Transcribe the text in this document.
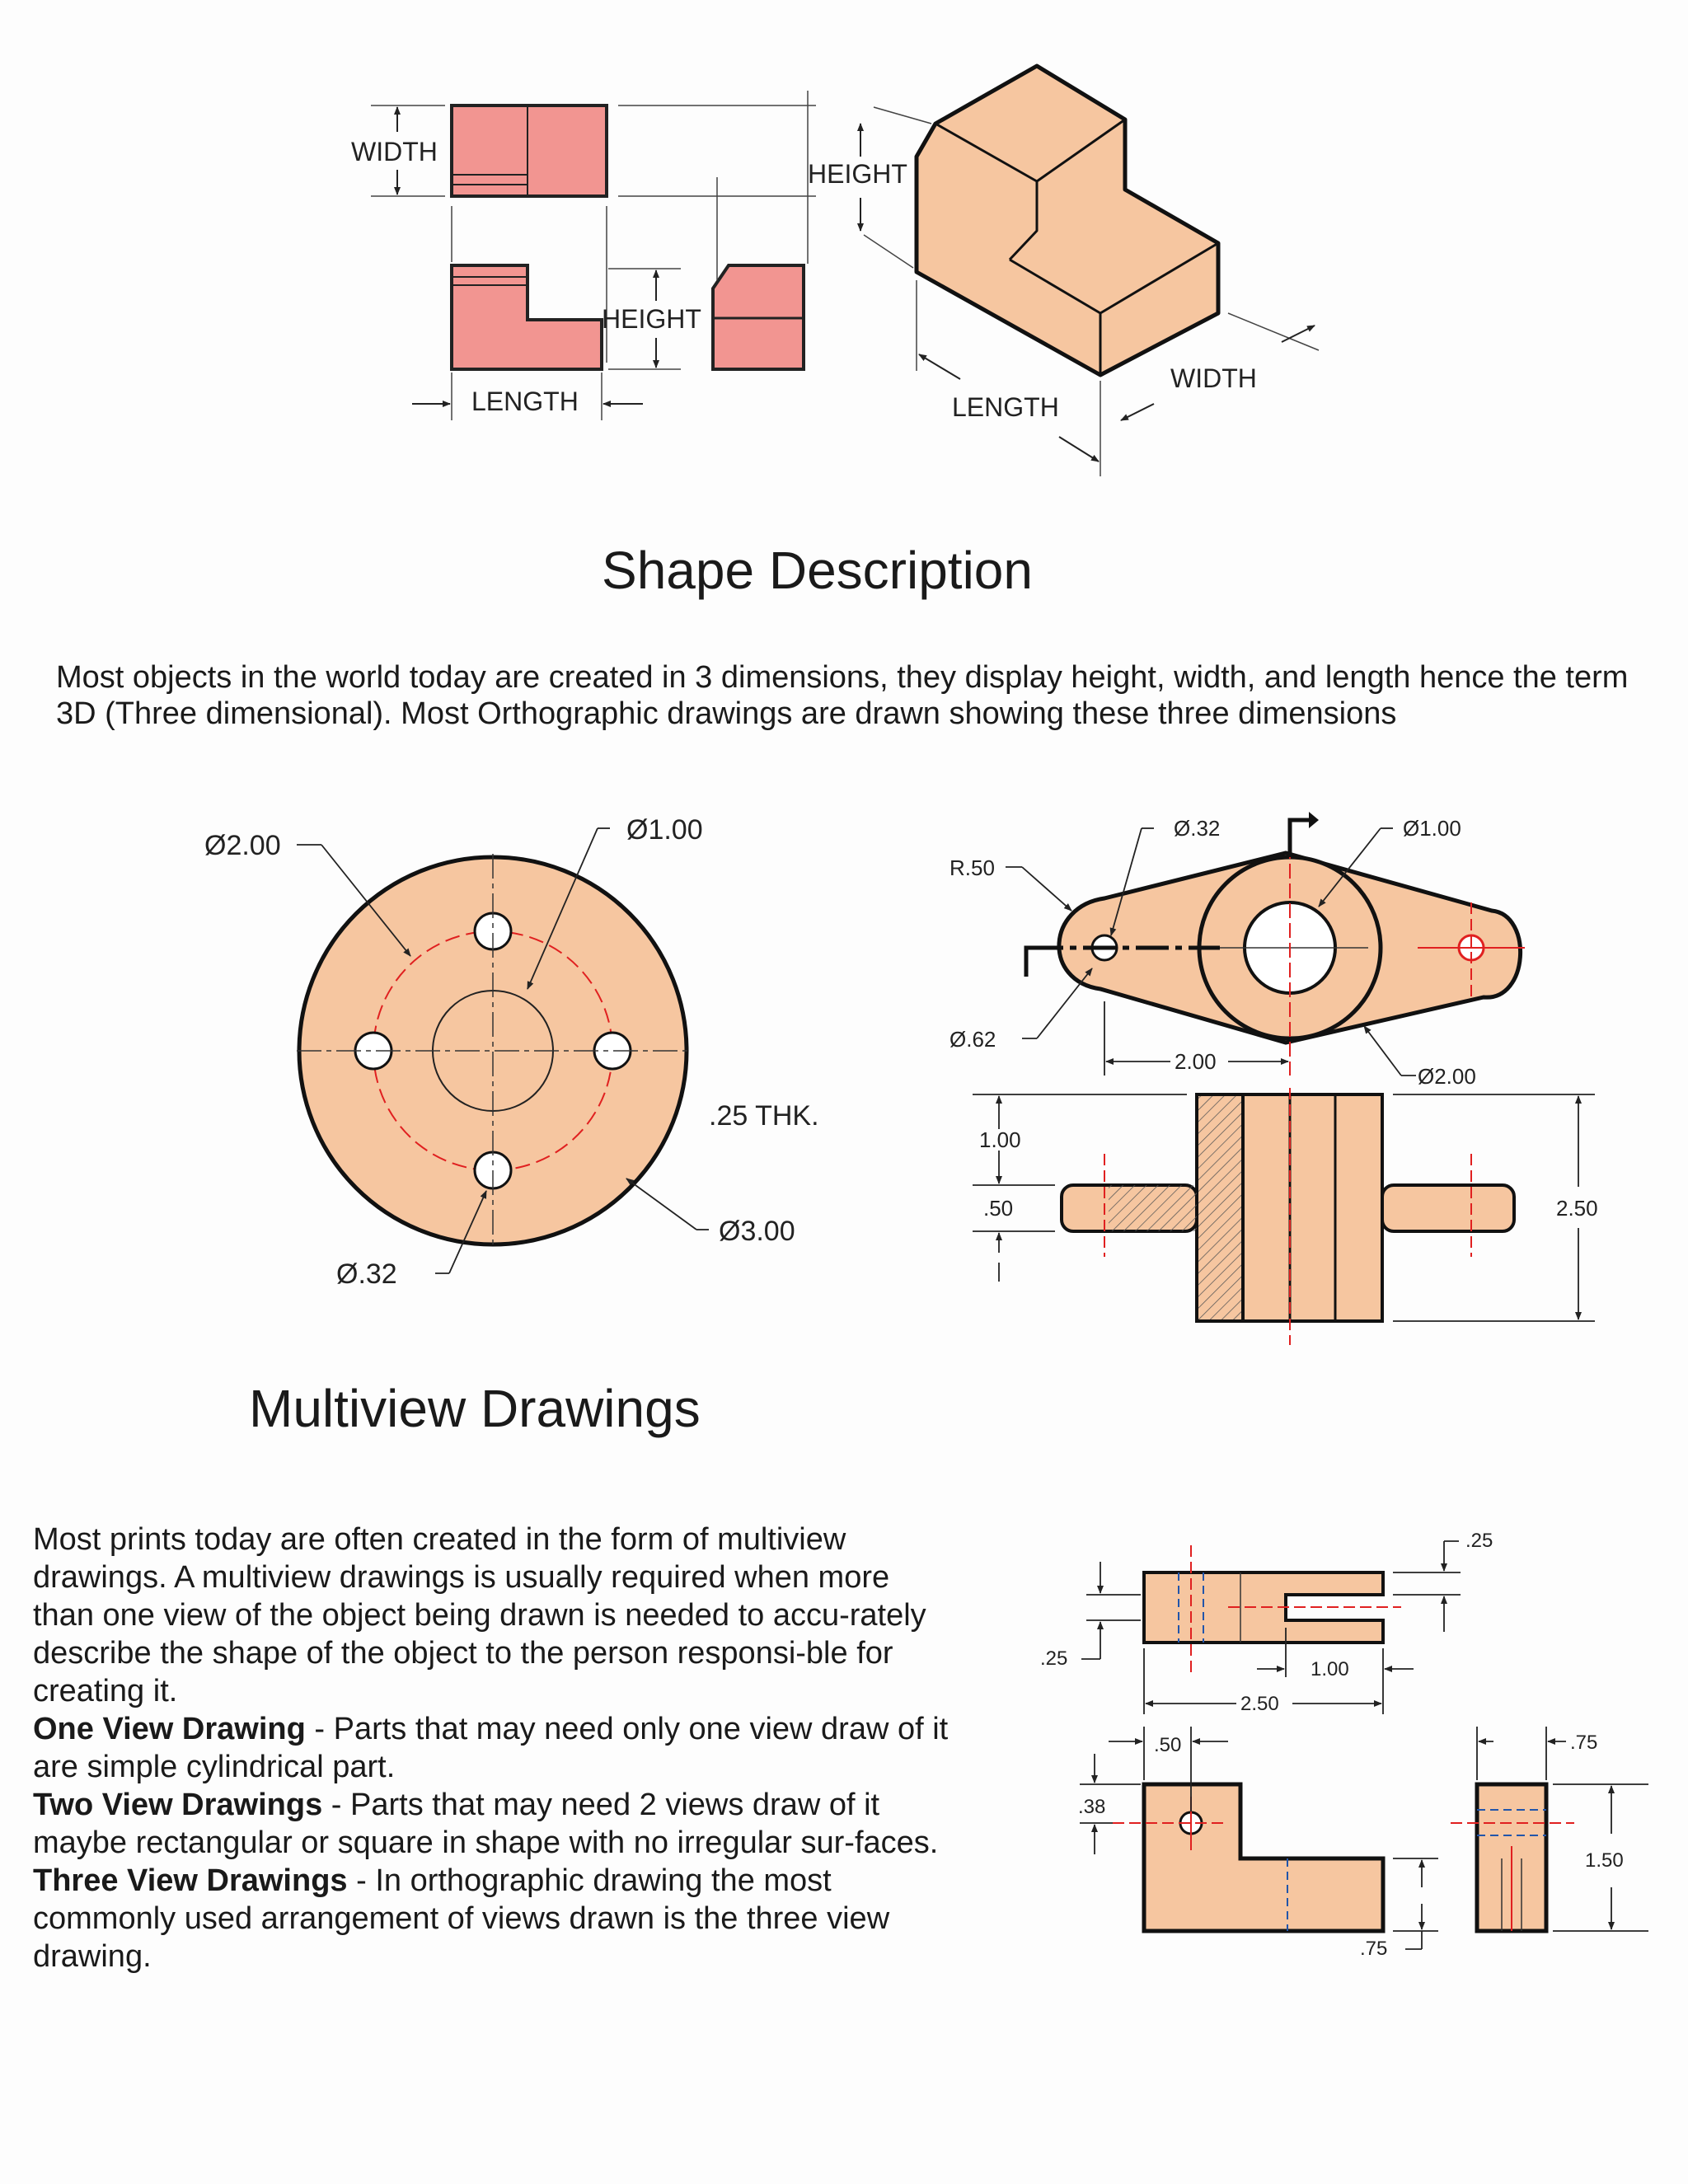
WIDTH
HEIGHT
LENGTH
HEIGHT
LENGTH
WIDTH
Shape Description

Most objects in the world today are created in 3 dimensions, they display height, width, and length hence the term 3D (Three dimensional). Most Orthographic drawings are drawn showing these three dimensions

Ø2.00	Ø1.00
.25 THK.
Ø3.00
Ø.32
R.50
Ø.32	Ø1.00
Ø.62
2.00
Ø2.00
1.00
.50	2.50
Multiview Drawings
Most prints today are often created in the form of multiview drawings. A multiview drawings is usually required when more than one view of the object being drawn is needed to accu-rately describe the shape of the object to the person responsi-ble for creating it.
One View Drawing - Parts that may need only one view draw of it are simple cylindrical part.
Two View Drawings - Parts that may need 2 views draw of it maybe rectangular or square in shape with no irregular sur-faces.
Three View Drawings - In orthographic drawing the most commonly used arrangement of views drawn is the three view drawing.
.25
.25
1.00
2.50
.50
.38
.75
.75
1.50
